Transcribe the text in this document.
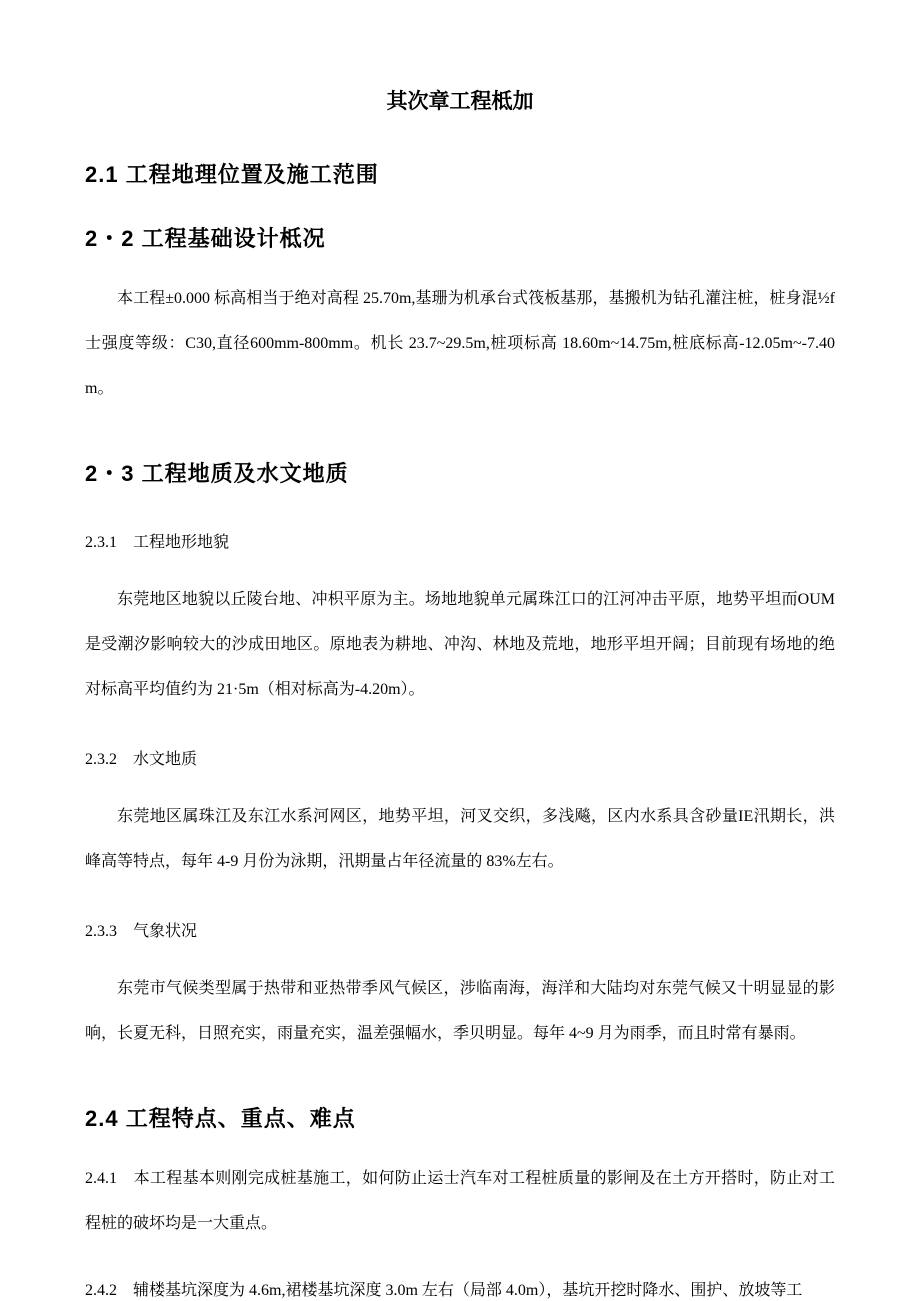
其次章工程柢加
2.1 工程地理位置及施工范围
2・2 工程基础设计柢况

本工程±0.000 标高相当于绝对高程 25.70m,基珊为机承台式筏板基那，基搬机为钻孔灌注桩，桩身混½f士强度等级：C30,直径600mm-800mm。机长 23.7~29.5m,桩项标高 18.60m~14.75m,桩底标高-12.05m~-7.40m。

2・3 工程地质及水文地质
2.3.1　工程地形地貌

东莞地区地貌以丘陵台地、冲枳平原为主。场地地貌单元属珠江口的江河冲击平原，地势平坦而OUM 是受潮汐影响较大的沙成田地区。原地表为耕地、冲沟、林地及荒地，地形平坦开阔；目前现有场地的绝对标高平均值约为 21·5m（相对标高为-4.20m）。

2.3.2　水文地质

东莞地区属珠江及东江水系河网区，地势平坦，河叉交织，多浅飚，区内水系具含砂量IE汛期长，洪峰高等特点，每年 4-9 月份为泳期，汛期量占年径流量的 83%左右。

2.3.3　气象状况

东莞市气候类型属于热带和亚热带季风气候区，涉临南海，海洋和大陆均对东莞气候又十明显显的影响，长夏无科，日照充实，雨量充实，温差强幅水，季贝明显。每年 4~9 月为雨季，而且时常有暴雨。

2.4 工程特点、重点、难点

2.4.1　本工程基本则刚完成桩基施工，如何防止运士汽车对工程桩质量的影闸及在土方开搭时，防止对工程桩的破坏均是一大重点。

2.4.2　辅楼基坑深度为 4.6m,裙楼基坑深度 3.0m 左右（局部 4.0m），基坑开挖时降水、围护、放坡等工
